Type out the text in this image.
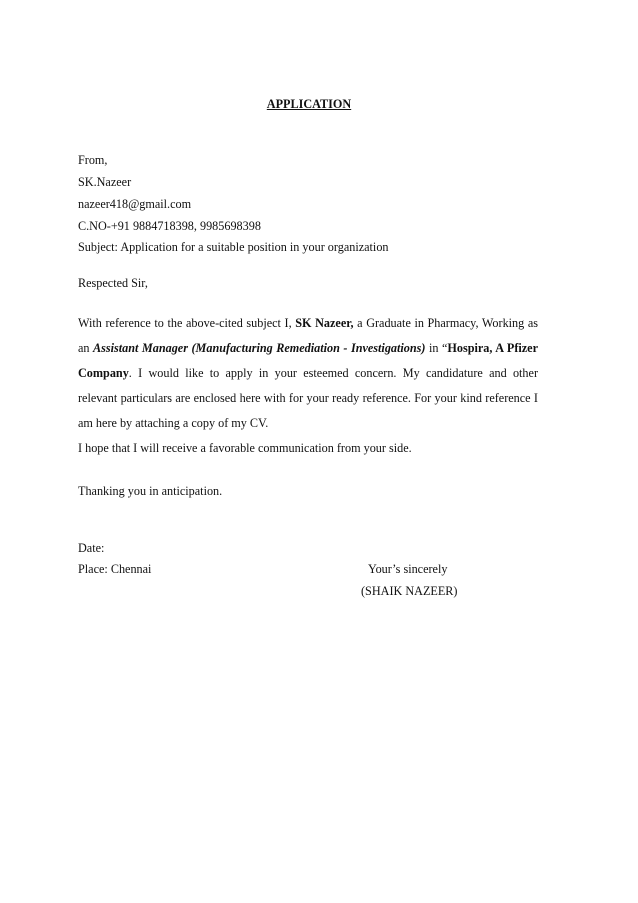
APPLICATION
From,
SK.Nazeer
nazeer418@gmail.com
C.NO-+91 9884718398, 9985698398
Subject: Application for a suitable position in your organization
Respected Sir,
With reference to the above-cited subject I, SK Nazeer, a Graduate in Pharmacy, Working as an Assistant Manager (Manufacturing Remediation - Investigations) in “Hospira, A Pfizer Company. I would like to apply in your esteemed concern. My candidature and other relevant particulars are enclosed here with for your ready reference. For your kind reference I am here by attaching a copy of my CV.
I hope that I will receive a favorable communication from your side.
Thanking you in anticipation.
Date:
Place: Chennai	Your’s sincerely
(SHAIK NAZEER)
